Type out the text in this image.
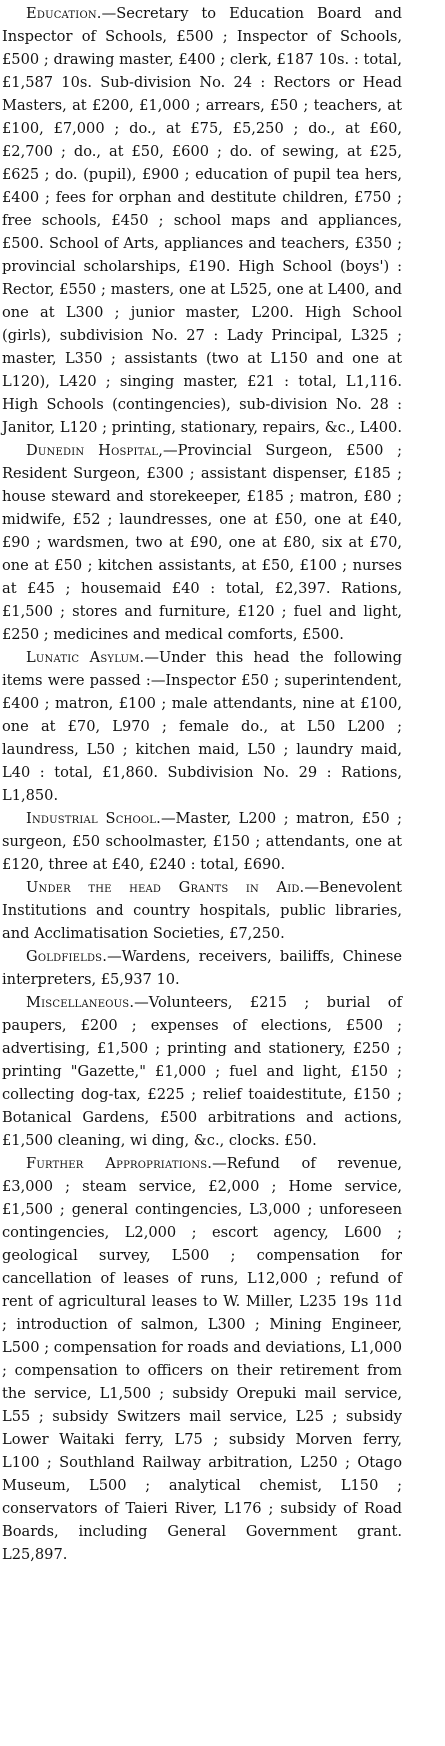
Education.—Secretary to Education Board and Inspector of Schools, £500 ; Inspector of Schools, £500 ; drawing master, £400 ; clerk, £187 10s. : total, £1,587 10s. Sub-division No. 24 : Rectors or Head Masters, at £200, £1,000 ; arrears, £50 ; teachers, at £100, £7,000 ; do., at £75, £5,250 ; do., at £60, £2,700 ; do., at £50, £600 ; do. of sewing, at £25, £625 ; do. (pupil), £900 ; education of pupil tea hers, £400 ; fees for orphan and destitute children, £750 ; free schools, £450 ; school maps and appliances, £500. School of Arts, appliances and teachers, £350 ; provincial scholarships, £190. High School (boys') : Rector, £550 ; masters, one at L525, one at L400, and one at L300 ; junior master, L200. High School (girls), subdivision No. 27 : Lady Principal, L325 ; master, L350 ; assistants (two at L150 and one at L120), L420 ; singing master, £21 : total, L1,116. High Schools (contingencies), sub-division No. 28 : Janitor, L120 ; printing, stationary, repairs, &c., L400.

Dunedin Hospital,—Provincial Surgeon, £500 ; Resident Surgeon, £300 ; assistant dispenser, £185 ; house steward and storekeeper, £185 ; matron, £80 ; midwife, £52 ; laundresses, one at £50, one at £40, £90 ; wardsmen, two at £90, one at £80, six at £70, one at £50 ; kitchen assistants, at £50, £100 ; nurses at £45 ; housemaid £40 : total, £2,397. Rations, £1,500 ; stores and furniture, £120 ; fuel and light, £250 ; medicines and medical comforts, £500.

Lunatic Asylum.—Under this head the following items were passed :—Inspector £50 ; superintendent, £400 ; matron, £100 ; male attendants, nine at £100, one at £70, L970 ; female do., at L50 L200 ; laundress, L50 ; kitchen maid, L50 ; laundry maid, L40 : total, £1,860. Subdivision No. 29 : Rations, L1,850.

Industrial School.—Master, L200 ; matron, £50 ; surgeon, £50 schoolmaster, £150 ; attendants, one at £120, three at £40, £240 : total, £690.

Under the head Grants in Aid.—Benevolent Institutions and country hospitals, public libraries, and Acclimatisation Societies, £7,250.

Goldfields.—Wardens, receivers, bailiffs, Chinese interpreters, £5,937 10.

Miscellaneous.—Volunteers, £215 ; burial of paupers, £200 ; expenses of elections, £500 ; advertising, £1,500 ; printing and stationery, £250 ; printing "Gazette," £1,000 ; fuel and light, £150 ; collecting dog-tax, £225 ; relief toaidestitute, £150 ; Botanical Gardens, £500 arbitrations and actions, £1,500 cleaning, wi ding, &c., clocks. £50.

Further Appropriations.—Refund of revenue, £3,000 ; steam service, £2,000 ; Home service, £1,500 ; general contingencies, L3,000 ; unforeseen contingencies, L2,000 ; escort agency, L600 ; geological survey, L500 ; compensation for cancellation of leases of runs, L12,000 ; refund of rent of agricultural leases to W. Miller, L235 19s 11d ; introduction of salmon, L300 ; Mining Engineer, L500 ; compensation for roads and deviations, L1,000 ; compensation to officers on their retirement from the service, L1,500 ; subsidy Orepuki mail service, L55 ; subsidy Switzers mail service, L25 ; subsidy Lower Waitaki ferry, L75 ; subsidy Morven ferry, L100 ; Southland Railway arbitration, L250 ; Otago Museum, L500 ; analytical chemist, L150 ; conservators of Taieri River, L176 ; subsidy of Road Boards, including General Government grant. L25,897.
